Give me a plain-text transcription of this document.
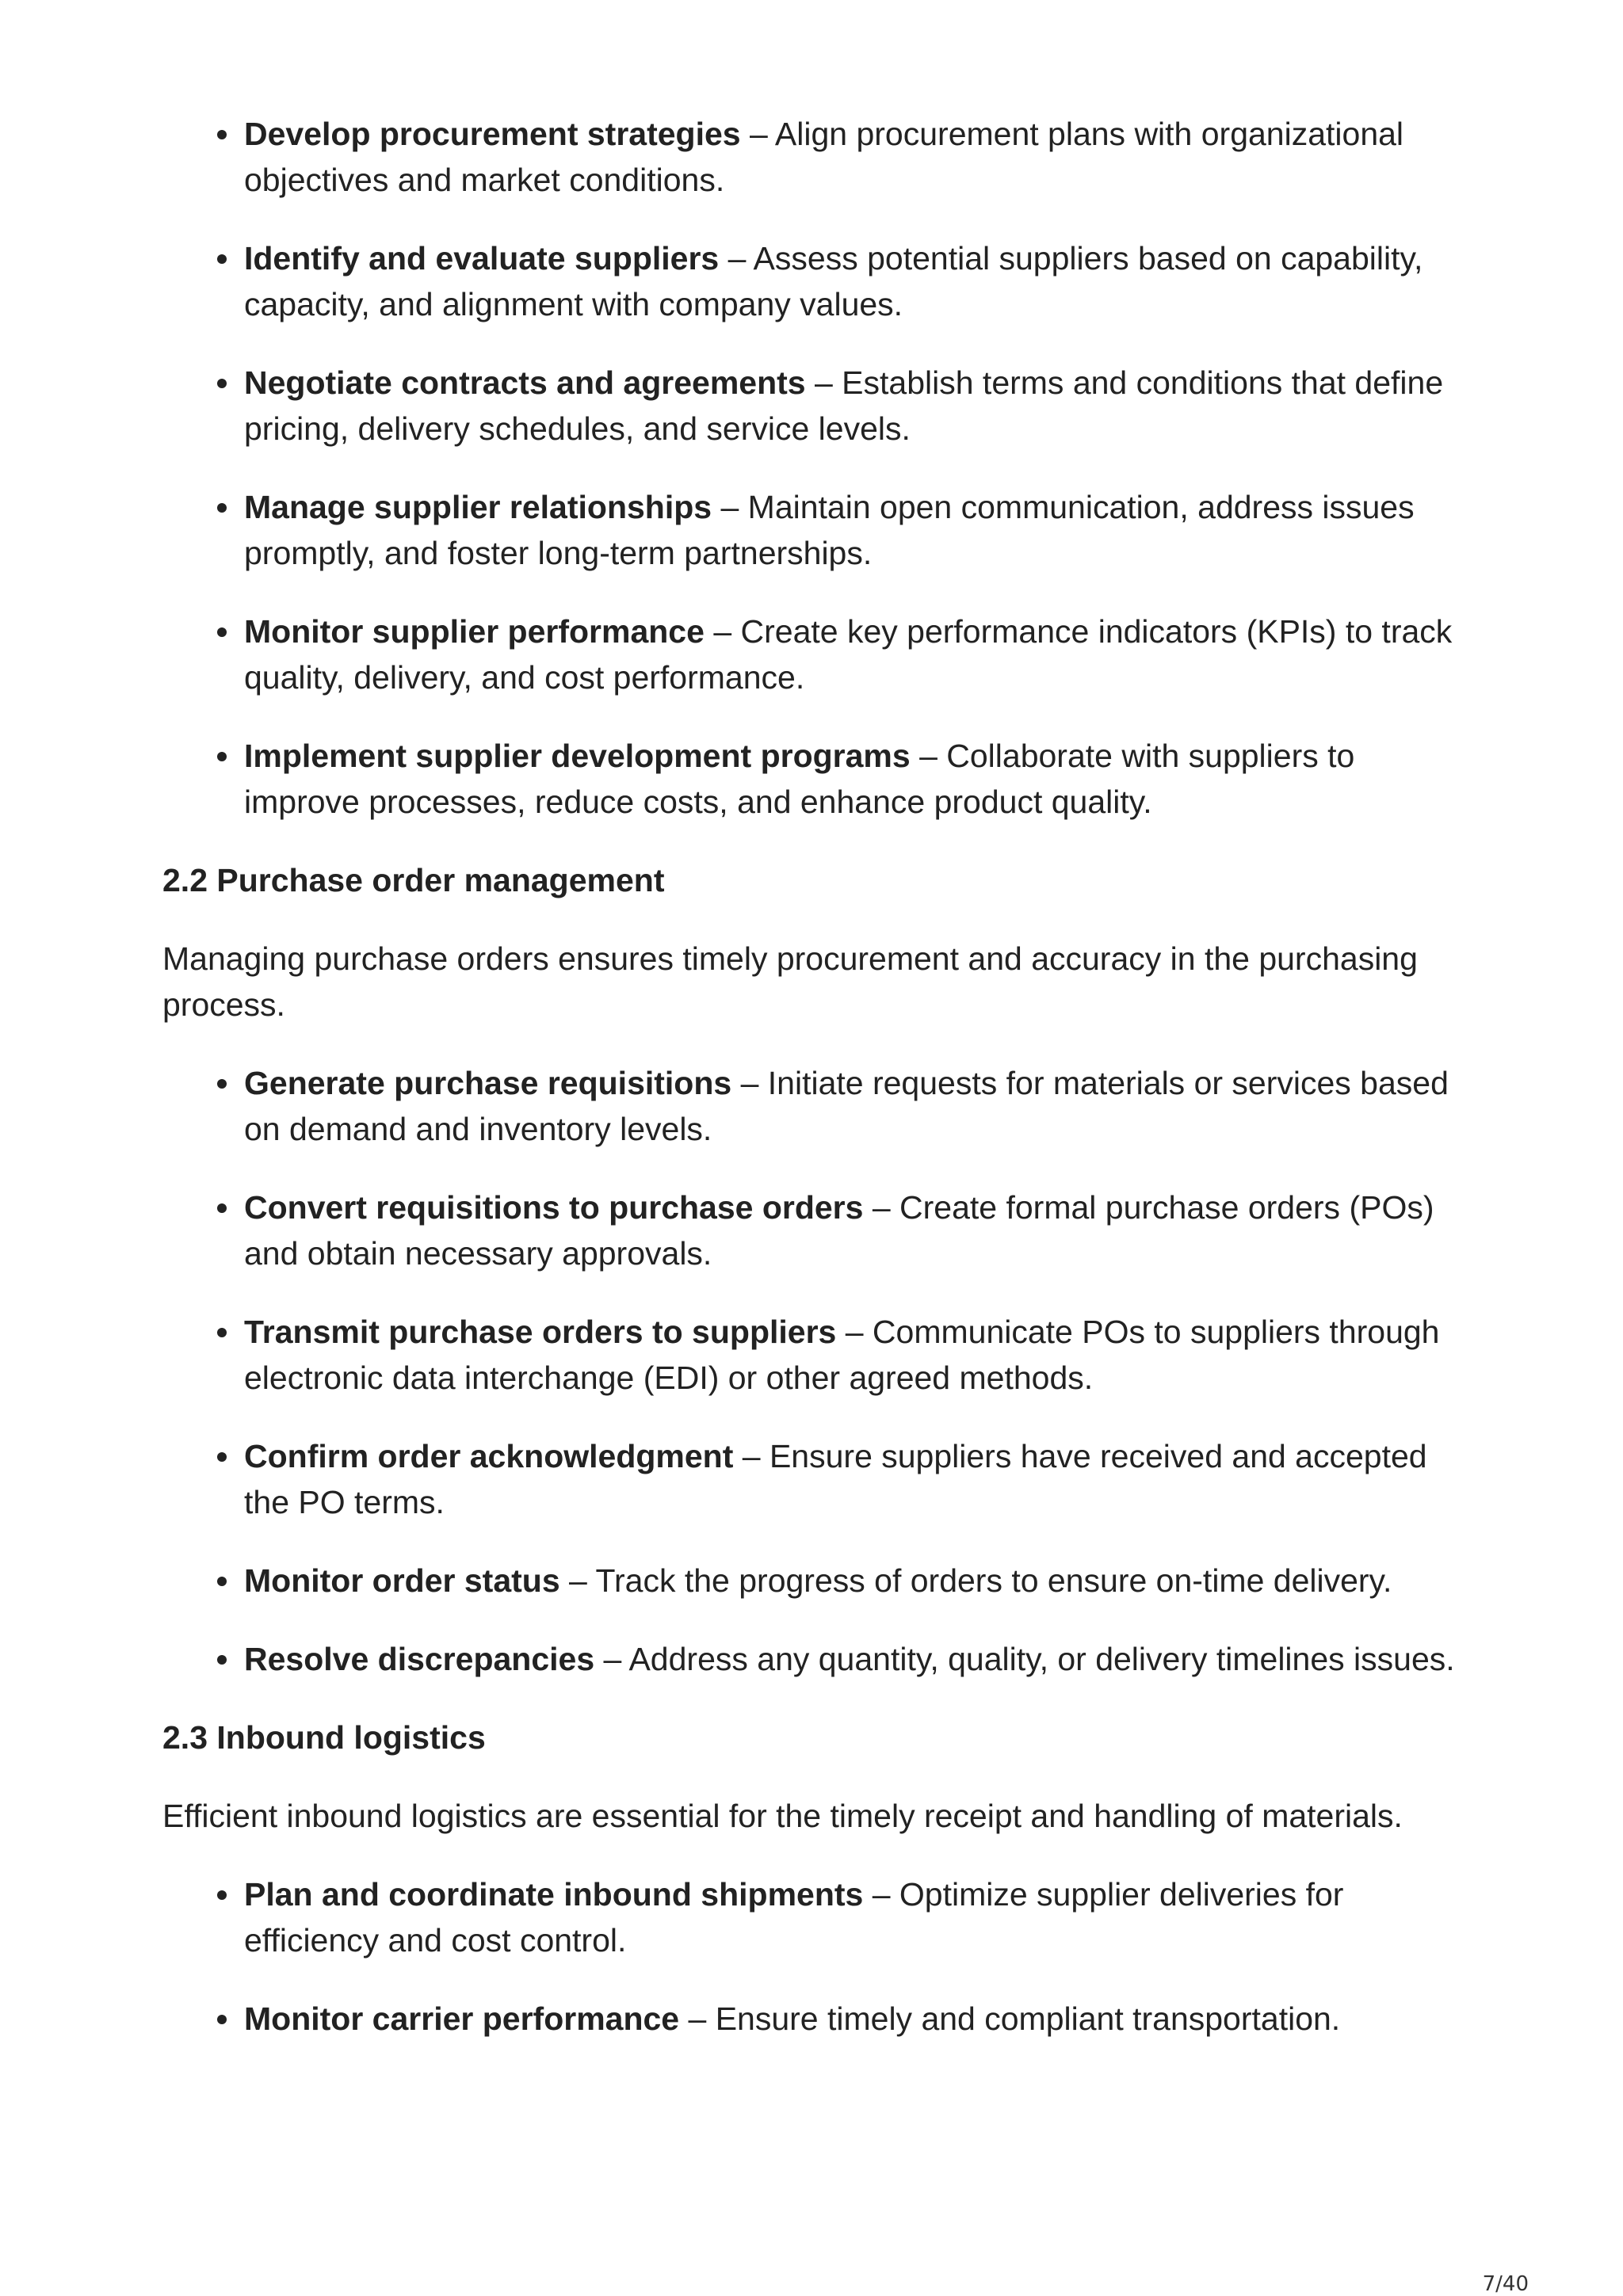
Develop procurement strategies – Align procurement plans with organizational objectives and market conditions.
Identify and evaluate suppliers – Assess potential suppliers based on capability, capacity, and alignment with company values.
Negotiate contracts and agreements – Establish terms and conditions that define pricing, delivery schedules, and service levels.
Manage supplier relationships – Maintain open communication, address issues promptly, and foster long-term partnerships.
Monitor supplier performance – Create key performance indicators (KPIs) to track quality, delivery, and cost performance.
Implement supplier development programs – Collaborate with suppliers to improve processes, reduce costs, and enhance product quality.
2.2 Purchase order management
Managing purchase orders ensures timely procurement and accuracy in the purchasing process.
Generate purchase requisitions – Initiate requests for materials or services based on demand and inventory levels.
Convert requisitions to purchase orders – Create formal purchase orders (POs) and obtain necessary approvals.
Transmit purchase orders to suppliers – Communicate POs to suppliers through electronic data interchange (EDI) or other agreed methods.
Confirm order acknowledgment – Ensure suppliers have received and accepted the PO terms.
Monitor order status – Track the progress of orders to ensure on-time delivery.
Resolve discrepancies – Address any quantity, quality, or delivery timelines issues.
2.3 Inbound logistics
Efficient inbound logistics are essential for the timely receipt and handling of materials.
Plan and coordinate inbound shipments – Optimize supplier deliveries for efficiency and cost control.
Monitor carrier performance – Ensure timely and compliant transportation.
7/40
